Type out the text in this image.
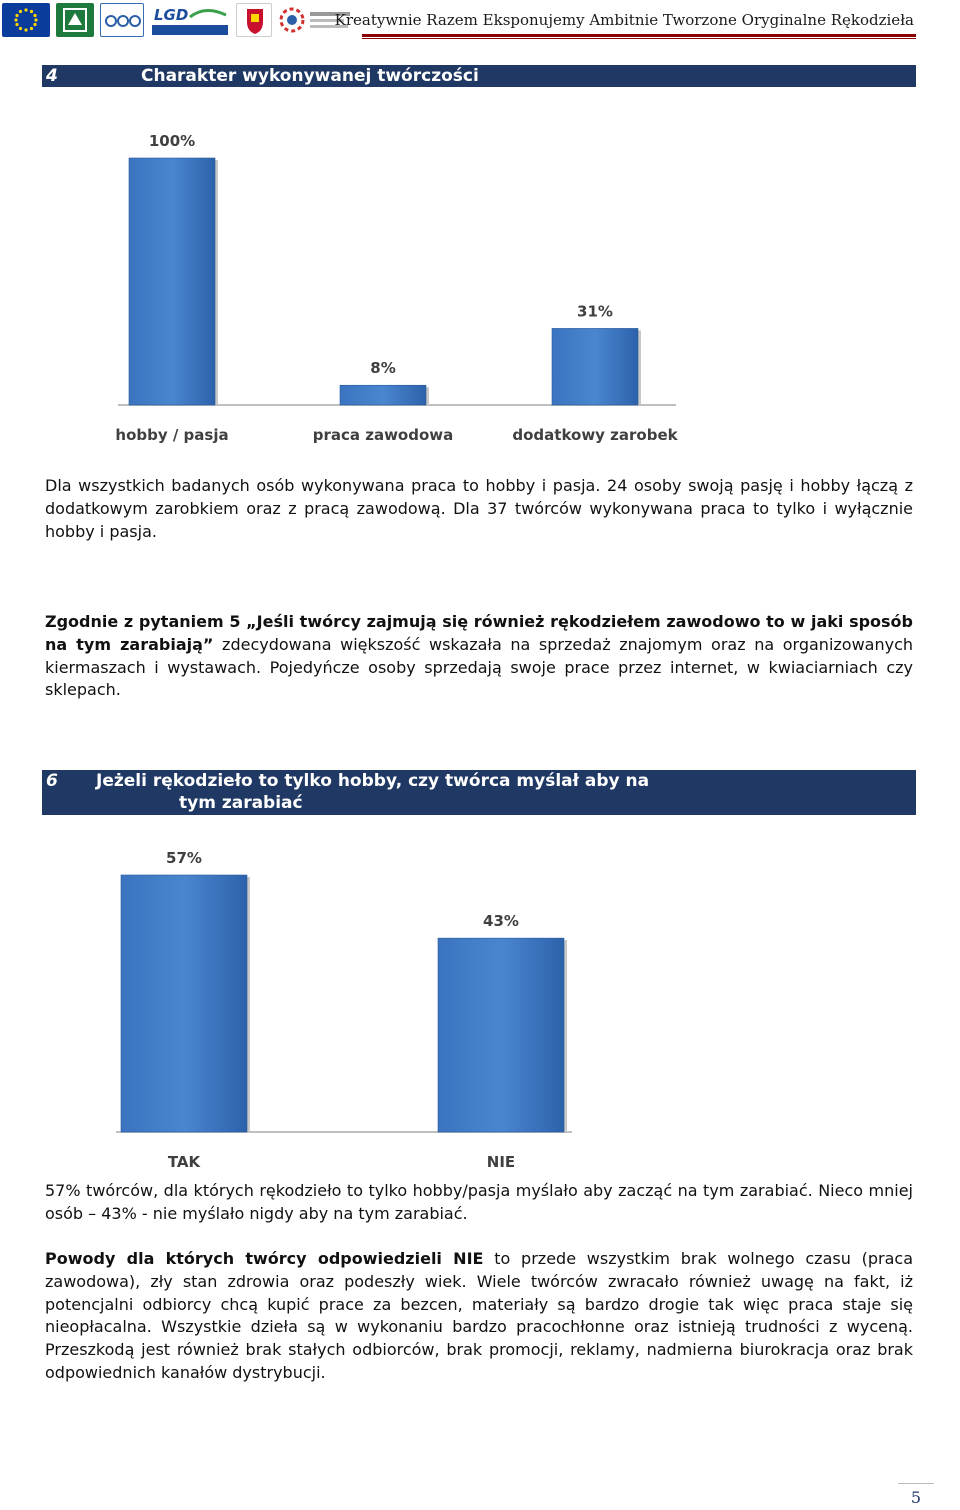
LGD	Kreatywnie Razem Eksponujemy Ambitnie Tworzone Oryginalne Rękodzieła
4	Charakter wykonywanej twórczości
100%
hobby / pasja
8%
praca zawodowa
31%
dodatkowy zarobek
Dla wszystkich badanych osób wykonywana praca to hobby i pasja. 24 osoby swoją pasję i hobby łączą z dodatkowym zarobkiem oraz z pracą zawodową. Dla 37 twórców wykonywana praca to tylko i wyłącznie hobby i pasja.
Zgodnie z pytaniem 5 „Jeśli twórcy zajmują się również rękodziełem zawodowo to w jaki sposób na tym zarabiają” zdecydowana większość wskazała na sprzedaż znajomym oraz na organizowanych kiermaszach i wystawach. Pojedyńcze osoby sprzedają swoje prace przez internet, w kwiaciarniach czy sklepach.
6 Jeżeli rękodzieło to tylko hobby, czy twórca myślał aby na
tym zarabiać
57%
TAK
43%
NIE
57% twórców, dla których rękodzieło to tylko hobby/pasja myślało aby zacząć na tym zarabiać. Nieco mniej osób – 43% - nie myślało nigdy aby na tym zarabiać.
Powody dla których twórcy odpowiedzieli NIE to przede wszystkim brak wolnego czasu (praca zawodowa), zły stan zdrowia oraz podeszły wiek. Wiele twórców zwracało również uwagę na fakt, iż potencjalni odbiorcy chcą kupić prace za bezcen, materiały są bardzo drogie tak więc praca staje się nieopłacalna. Wszystkie dzieła są w wykonaniu bardzo pracochłonne oraz istnieją trudności z wyceną. Przeszkodą jest również brak stałych odbiorców, brak promocji, reklamy, nadmierna biurokracja oraz brak odpowiednich kanałów dystrybucji.
5
